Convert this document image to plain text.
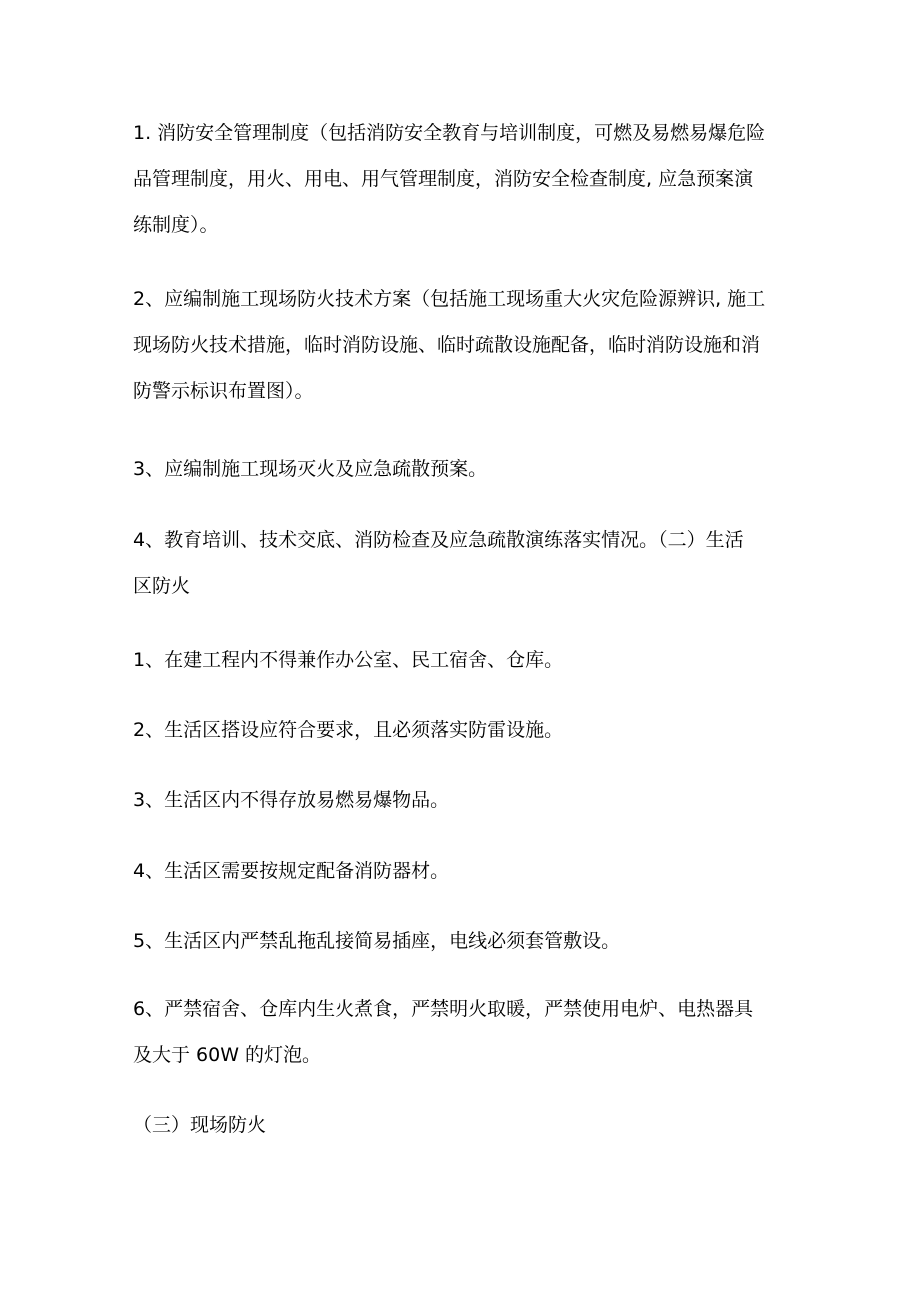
1. 消防安全管理制度（包括消防安全教育与培训制度，可燃及易燃易爆危险
品管理制度，用火、用电、用气管理制度，消防安全检查制度, 应急预案演
练制度）。
2、应编制施工现场防火技术方案（包括施工现场重大火灾危险源辨识, 施工
现场防火技术措施，临时消防设施、临时疏散设施配备，临时消防设施和消
防警示标识布置图）。
3、应编制施工现场灭火及应急疏散预案。
4、教育培训、技术交底、消防检查及应急疏散演练落实情况。（二）生活
区防火
1、在建工程内不得兼作办公室、民工宿舍、仓库。
2、生活区搭设应符合要求，且必须落实防雷设施。
3、生活区内不得存放易燃易爆物品。
4、生活区需要按规定配备消防器材。
5、生活区内严禁乱拖乱接简易插座，电线必须套管敷设。
6、严禁宿舍、仓库内生火煮食，严禁明火取暖，严禁使用电炉、电热器具
及大于 60W 的灯泡。
（三）现场防火
